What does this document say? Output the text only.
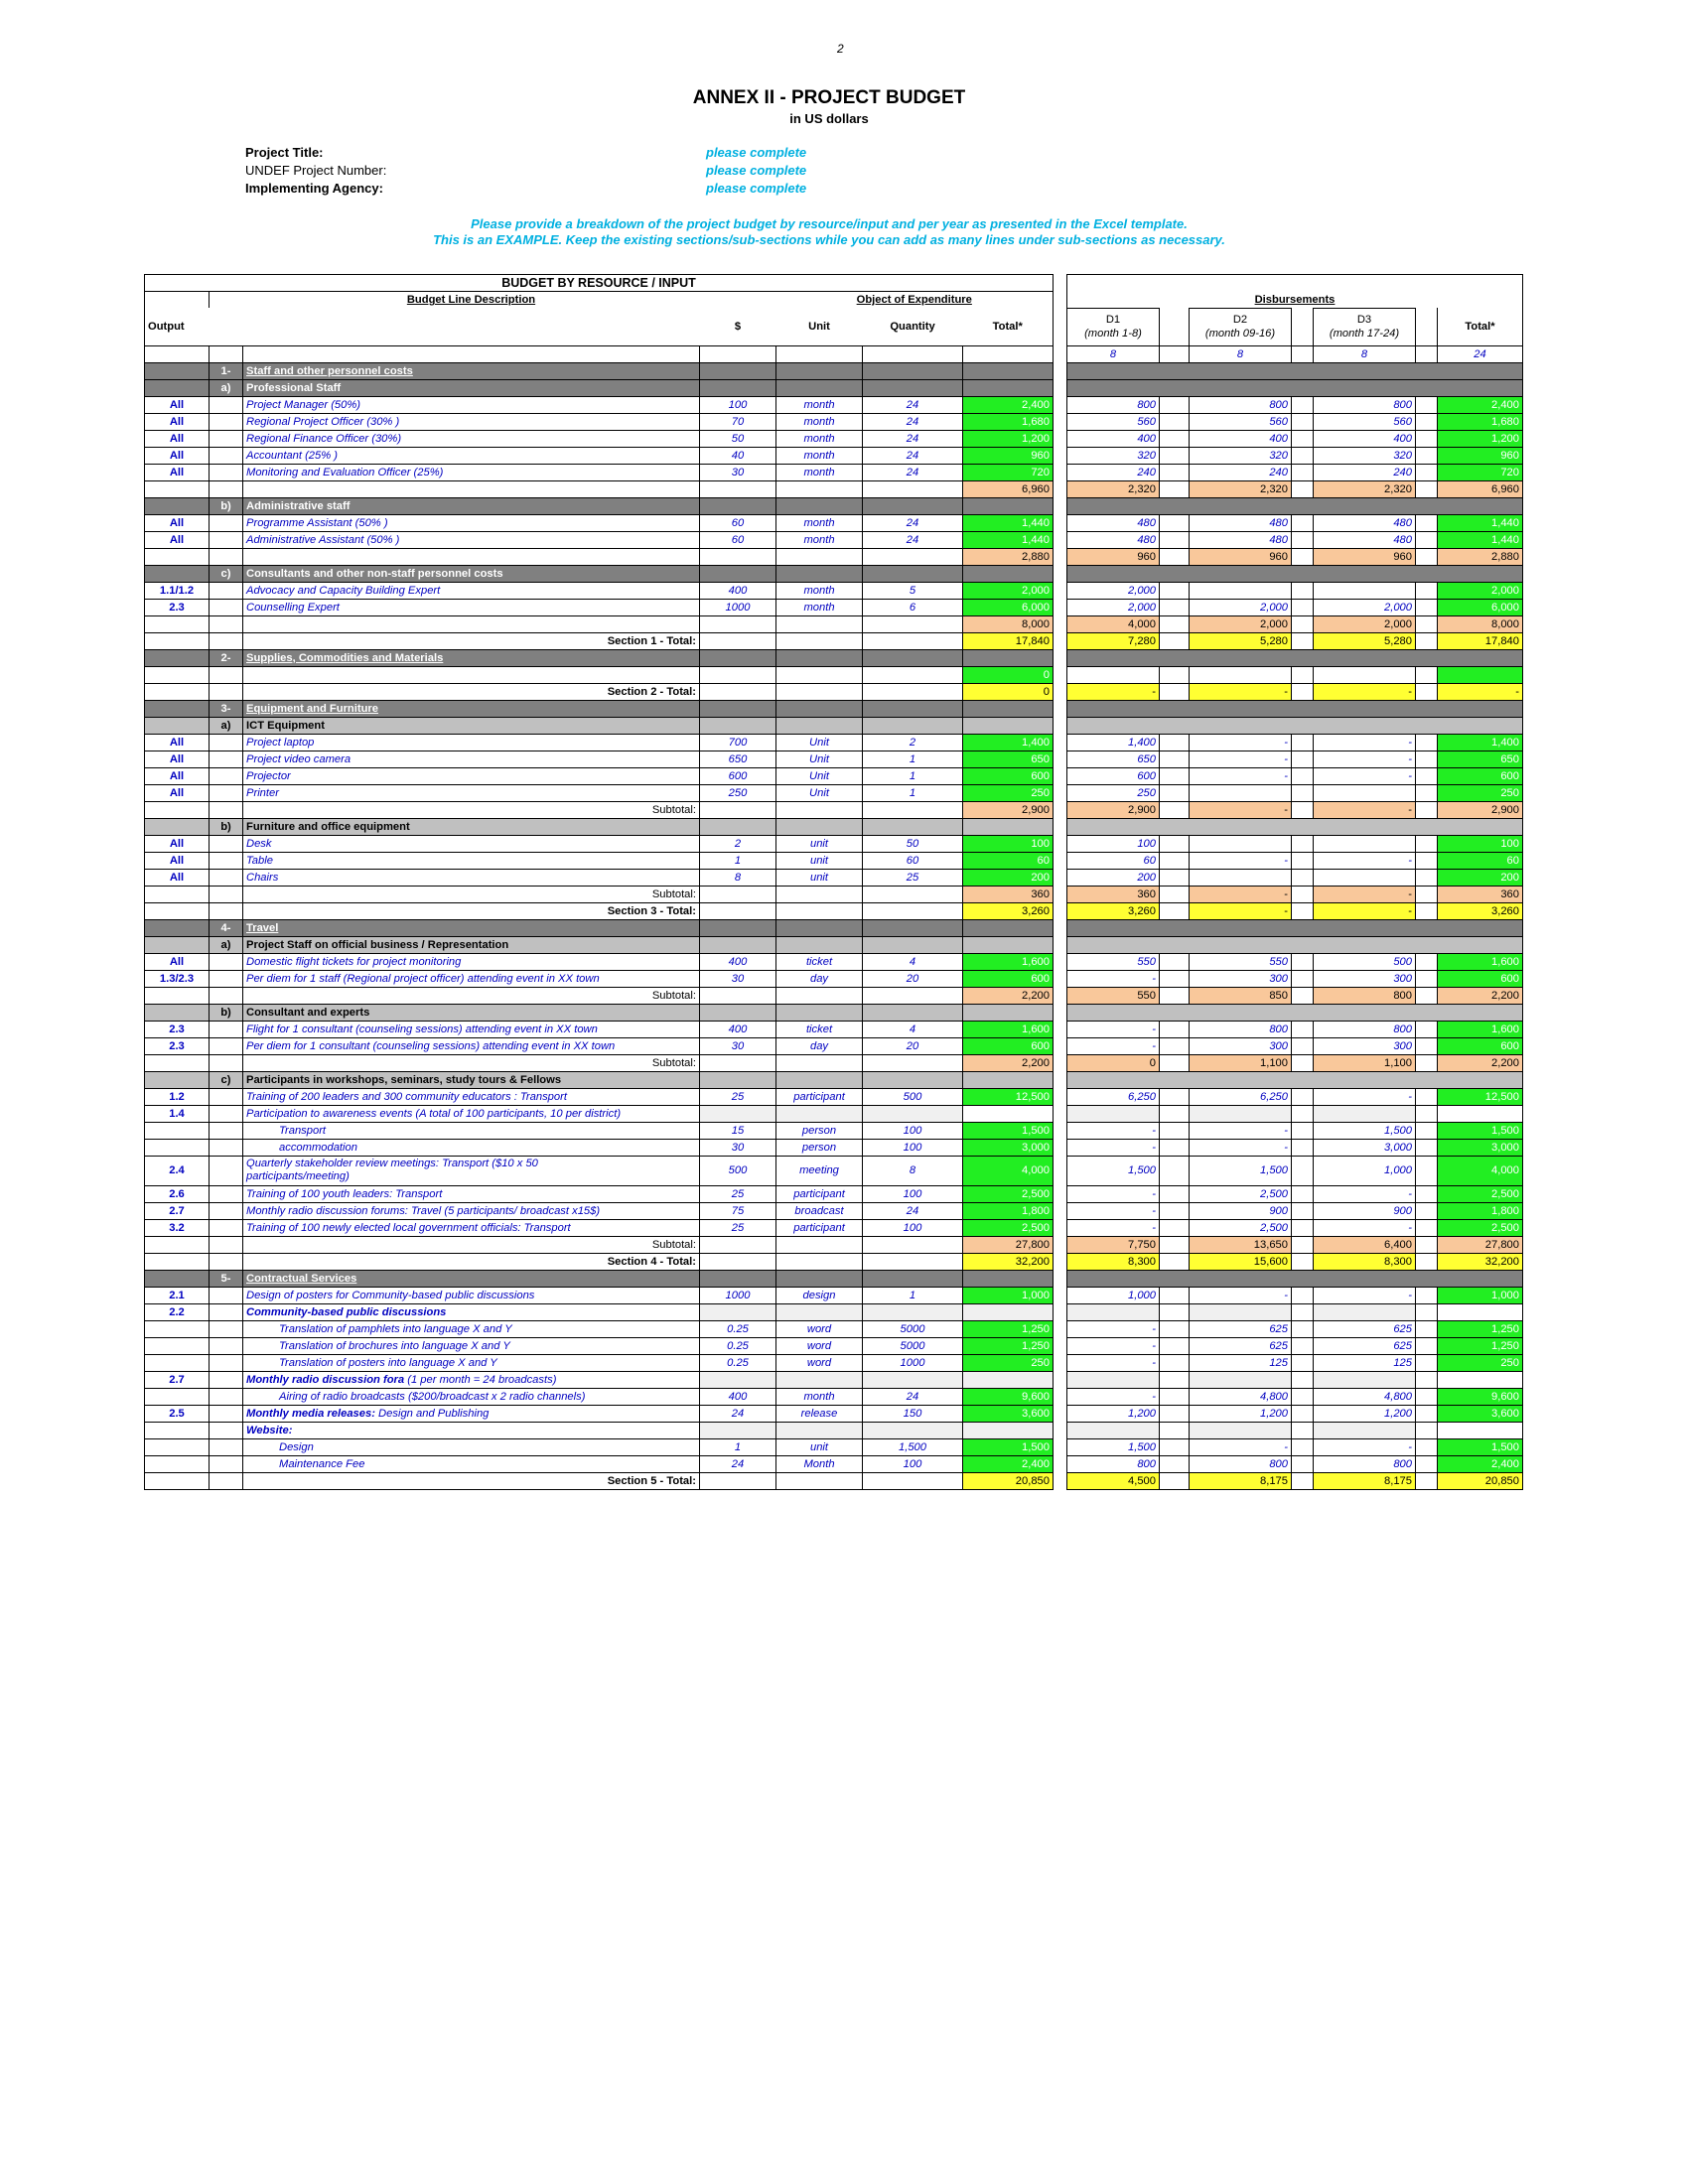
2
ANNEX II - PROJECT BUDGET
in US dollars
Project Title:
UNDEF Project Number:
Implementing Agency:
please complete
please complete
please complete
Please provide a breakdown of the project budget by resource/input and per year as presented in the Excel template.
This is an EXAMPLE. Keep the existing sections/sub-sections while you can add as many lines under sub-sections as necessary.
BUDGET BY RESOURCE / INPUT														
		Budget Line Description		Object of Expenditure				Disbursements						
Output			$	Unit	Quantity	Total*		D1
(month 1-8)		D2
(month 09-16)		D3
(month 17-24)		Total*
								8		8		8		24
	1-	Staff and other personnel costs												
	a)	Professional Staff												
All		Project Manager (50%)	100	month	24	2,400		800		800		800		2,400
All		Regional Project Officer (30% )	70	month	24	1,680		560		560		560		1,680
All		Regional Finance Officer (30%)	50	month	24	1,200		400		400		400		1,200
All		Accountant (25% )	40	month	24	960		320		320		320		960
All		Monitoring and Evaluation Officer (25%)	30	month	24	720		240		240		240		720
						6,960		2,320		2,320		2,320		6,960
	b)	Administrative staff												
All		Programme Assistant (50% )	60	month	24	1,440		480		480		480		1,440
All		Administrative Assistant (50% )	60	month	24	1,440		480		480		480		1,440
						2,880		960		960		960		2,880
	c)	Consultants and other non-staff personnel costs												
1.1/1.2		Advocacy and Capacity Building Expert	400	month	5	2,000		2,000						2,000
2.3		Counselling Expert	1000	month	6	6,000		2,000		2,000		2,000		6,000
						8,000		4,000		2,000		2,000		8,000
		Section 1 - Total:				17,840		7,280		5,280		5,280		17,840
	2-	Supplies, Commodities and Materials												
						0								
		Section 2 - Total:				0		-		-		-		-
	3-	Equipment and Furniture												
	a)	ICT Equipment												
All		Project laptop	700	Unit	2	1,400		1,400		-		-		1,400
All		Project video camera	650	Unit	1	650		650		-		-		650
All		Projector	600	Unit	1	600		600		-		-		600
All		Printer	250	Unit	1	250		250						250
		Subtotal:				2,900		2,900		-		-		2,900
	b)	Furniture and office equipment												
All		Desk	2	unit	50	100		100						100
All		Table	1	unit	60	60		60		-		-		60
All		Chairs	8	unit	25	200		200						200
		Subtotal:				360		360		-		-		360
		Section 3 - Total:				3,260		3,260		-		-		3,260
	4-	Travel												
	a)	Project Staff on official business / Representation												
All		Domestic flight tickets for project monitoring	400	ticket	4	1,600		550		550		500		1,600
1.3/2.3		Per diem for 1 staff (Regional project officer) attending event in XX town	30	day	20	600		-		300		300		600
		Subtotal:				2,200		550		850		800		2,200
	b)	Consultant and experts												
2.3		Flight for 1 consultant (counseling sessions) attending event in XX town	400	ticket	4	1,600		-		800		800		1,600
2.3		Per diem for 1 consultant (counseling sessions) attending event in XX town	30	day	20	600		-		300		300		600
		Subtotal:				2,200		0		1,100		1,100		2,200
	c)	Participants in workshops, seminars, study tours & Fellows												
1.2		Training of 200 leaders and 300 community educators : Transport	25	participant	500	12,500		6,250		6,250		-		12,500
1.4		Participation to awareness events (A total of 100 participants, 10 per district)												
		Transport	15	person	100	1,500		-		-		1,500		1,500
		accommodation	30	person	100	3,000		-		-		3,000		3,000
2.4		Quarterly stakeholder review meetings: Transport ($10 x 50
participants/meeting)	500	meeting	8	4,000		1,500		1,500		1,000		4,000
2.6		Training of 100 youth leaders: Transport	25	participant	100	2,500		-		2,500		-		2,500
2.7		Monthly radio discussion forums: Travel (5 participants/ broadcast x15$)	75	broadcast	24	1,800		-		900		900		1,800
3.2		Training of 100 newly elected local government officials: Transport	25	participant	100	2,500		-		2,500		-		2,500
		Subtotal:				27,800		7,750		13,650		6,400		27,800
		Section 4 - Total:				32,200		8,300		15,600		8,300		32,200
	5-	Contractual Services												
2.1		Design of posters for Community-based public discussions	1000	design	1	1,000		1,000		-		-		1,000
2.2		Community-based public discussions												
		Translation of pamphlets into language X and Y	0.25	word	5000	1,250		-		625		625		1,250
		Translation of brochures into language X and Y	0.25	word	5000	1,250		-		625		625		1,250
		Translation of posters into language X and Y	0.25	word	1000	250		-		125		125		250
2.7		Monthly radio discussion fora (1 per month = 24 broadcasts)												
		Airing of radio broadcasts ($200/broadcast x 2 radio channels)	400	month	24	9,600		-		4,800		4,800		9,600
2.5		Monthly media releases: Design and Publishing	24	release	150	3,600		1,200		1,200		1,200		3,600
		Website:												
		Design	1	unit	1,500	1,500		1,500		-		-		1,500
		Maintenance Fee	24	Month	100	2,400		800		800		800		2,400
		Section 5 - Total:				20,850		4,500		8,175		8,175		20,850
